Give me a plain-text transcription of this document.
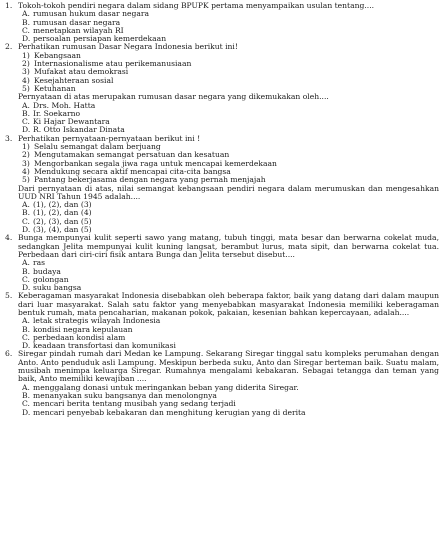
1. Tokoh-tokoh pendiri negara dalam sidang BPUPK pertama menyampaikan usulan tentang....
A. rumusan hukum dasar negara
B. rumusan dasar negara
C. menetapkan wilayah RI
D. persoalan persiapan kemerdekaan
2. Perhatikan rumusan Dasar Negara Indonesia berikut ini!
1) Kebangsaan
2) Internasionalisme atau perikemanusiaan
3) Mufakat atau demokrasi
4) Kesejahteraan sosial
5) Ketuhanan
Pernyataan di atas merupakan rumusan dasar negara yang dikemukakan oleh....
A. Drs. Moh. Hatta
B. Ir. Soekarno
C. Ki Hajar Dewantara
D. R. Otto Iskandar Dinata
3. Perhatikan pernyataan-pernyataan berikut ini !
1) Selalu semangat dalam berjuang
2) Mengutamakan semangat persatuan dan kesatuan
3) Mengorbankan segala jiwa raga untuk mencapai kemerdekaan
4) Mendukung secara aktif mencapai cita-cita bangsa
5) Pantang bekerjasama dengan negara yang pernah menjajah
Dari pernyataan di atas, nilai semangat kebangsaan pendiri negara dalam merumuskan dan mengesahkan UUD NRI Tahun 1945 adalah....
A. (1), (2), dan (3)
B. (1), (2), dan (4)
C. (2), (3), dan (5)
D. (3), (4), dan (5)
4. Bunga mempunyai kulit seperti sawo yang matang, tubuh tinggi, mata besar dan berwarna cokelat muda, sedangkan Jelita mempunyai kulit kuning langsat, berambut lurus, mata sipit, dan berwarna cokelat tua. Perbedaan dari ciri-ciri fisik antara Bunga dan Jelita tersebut disebut....
A. ras
B. budaya
C. golongan
D. suku bangsa
5. Keberagaman masyarakat Indonesia disebabkan oleh beberapa faktor, baik yang datang dari dalam maupun dari luar masyarakat. Salah satu faktor yang menyebabkan masyarakat Indonesia memiliki keberagaman bentuk rumah, mata pencaharian, makanan pokok, pakaian, kesenian bahkan kepercayaan, adalah....
A. letak strategis wilayah Indonesia
B. kondisi negara kepulauan
C. perbedaan kondisi alam
D. keadaan transfortasi dan komunikasi
6. Siregar pindah rumah dari Medan ke Lampung. Sekarang Siregar tinggal satu kompleks perumahan dengan Anto. Anto penduduk asli Lampung. Meskipun berbeda suku, Anto dan Siregar berteman baik. Suatu malam, musibah menimpa keluarga Siregar. Rumahnya mengalami kebakaran. Sebagai tetangga dan teman yang baik, Anto memiliki kewajiban ....
A. menggalang donasi untuk meringankan beban yang diderita Siregar.
B. menanyakan suku bangsanya dan menolongnya
C. mencari berita tentang musibah yang sedang terjadi
D. mencari penyebab kebakaran dan menghitung kerugian yang di derita
